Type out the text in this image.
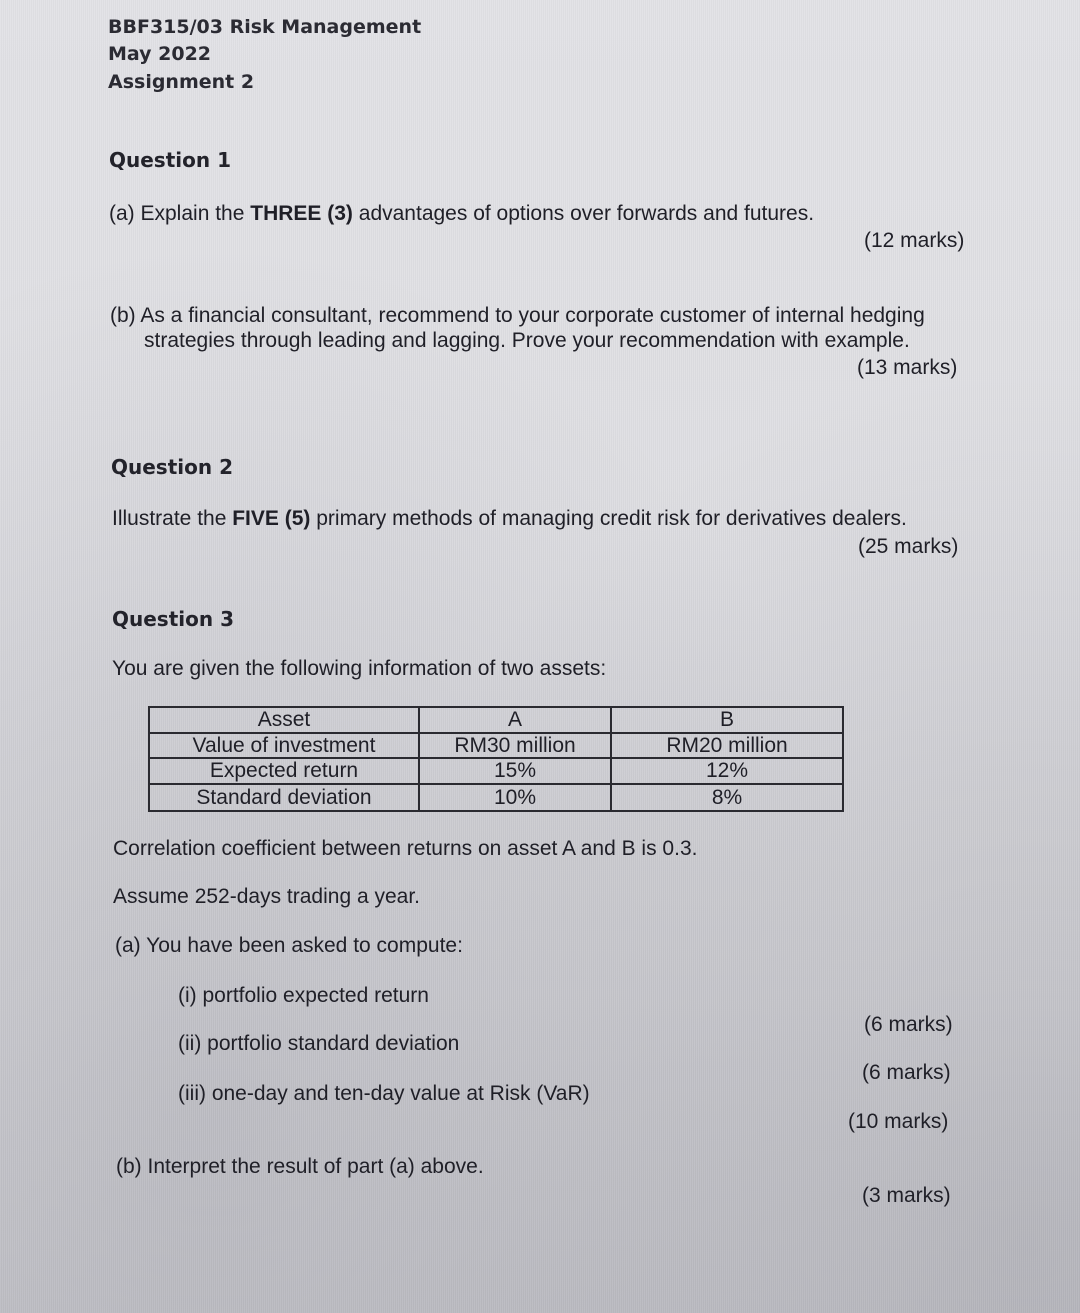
BBF315/03 Risk Management
May 2022
Assignment 2
Question 1
(a) Explain the THREE (3) advantages of options over forwards and futures.
(12 marks)
(b) As a financial consultant, recommend to your corporate customer of internal hedging
strategies through leading and lagging. Prove your recommendation with example.
(13 marks)
Question 2
Illustrate the FIVE (5) primary methods of managing credit risk for derivatives dealers.
(25 marks)
Question 3
You are given the following information of two assets:
Asset	A	B
Value of investment	RM30 million	RM20 million
Expected return	15%	12%
Standard deviation	10%	8%
Correlation coefficient between returns on asset A and B is 0.3.
Assume 252-days trading a year.
(a) You have been asked to compute:
(i) portfolio expected return
(6 marks)
(ii) portfolio standard deviation
(6 marks)
(iii) one-day and ten-day value at Risk (VaR)
(10 marks)
(b) Interpret the result of part (a) above.
(3 marks)
